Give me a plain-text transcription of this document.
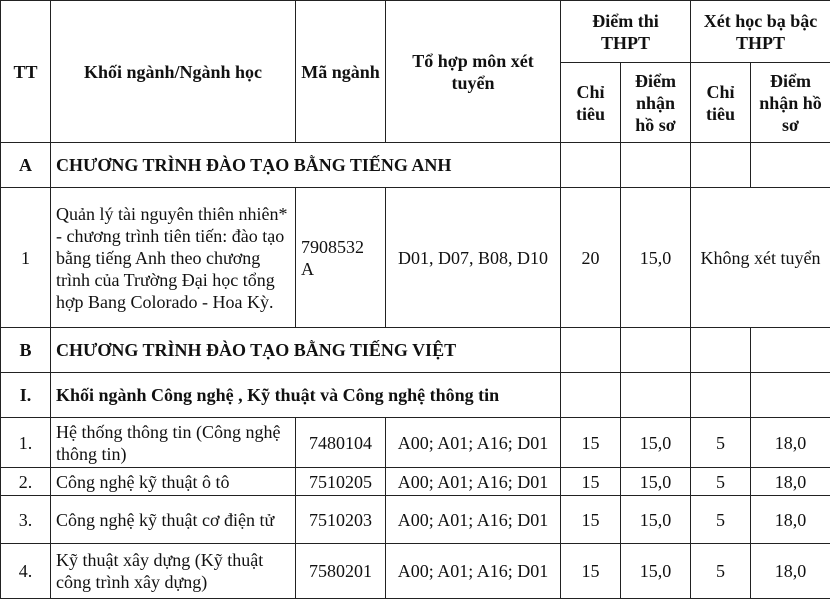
TT	Khối ngành/Ngành học	Mã ngành	Tổ hợp môn xét tuyển	Điểm thi THPT		Xét học bạ bậc THPT	
				Chỉ tiêu	Điểm nhận hồ sơ	Chỉ tiêu	Điểm nhận hồ sơ
A	CHƯƠNG TRÌNH ĐÀO TẠO BẰNG TIẾNG ANH						
1	Quản lý tài nguyên thiên nhiên* - chương trình tiên tiến: đào tạo bằng tiếng Anh theo chương trình của Trường Đại học tổng hợp Bang Colorado - Hoa Kỳ.	7908532 A	D01, D07, B08, D10	20	15,0	Không xét tuyển	
B	CHƯƠNG TRÌNH ĐÀO TẠO BẰNG TIẾNG VIỆT						
I.	Khối ngành Công nghệ , Kỹ thuật và Công nghệ thông tin						
1.	Hệ thống thông tin (Công nghệ thông tin)	7480104	A00; A01; A16; D01	15	15,0	5	18,0
2.	Công nghệ kỹ thuật ô tô	7510205	A00; A01; A16; D01	15	15,0	5	18,0
3.	Công nghệ kỹ thuật cơ điện tử	7510203	A00; A01; A16; D01	15	15,0	5	18,0
4.	Kỹ thuật xây dựng (Kỹ thuật công trình xây dựng)	7580201	A00; A01; A16; D01	15	15,0	5	18,0
